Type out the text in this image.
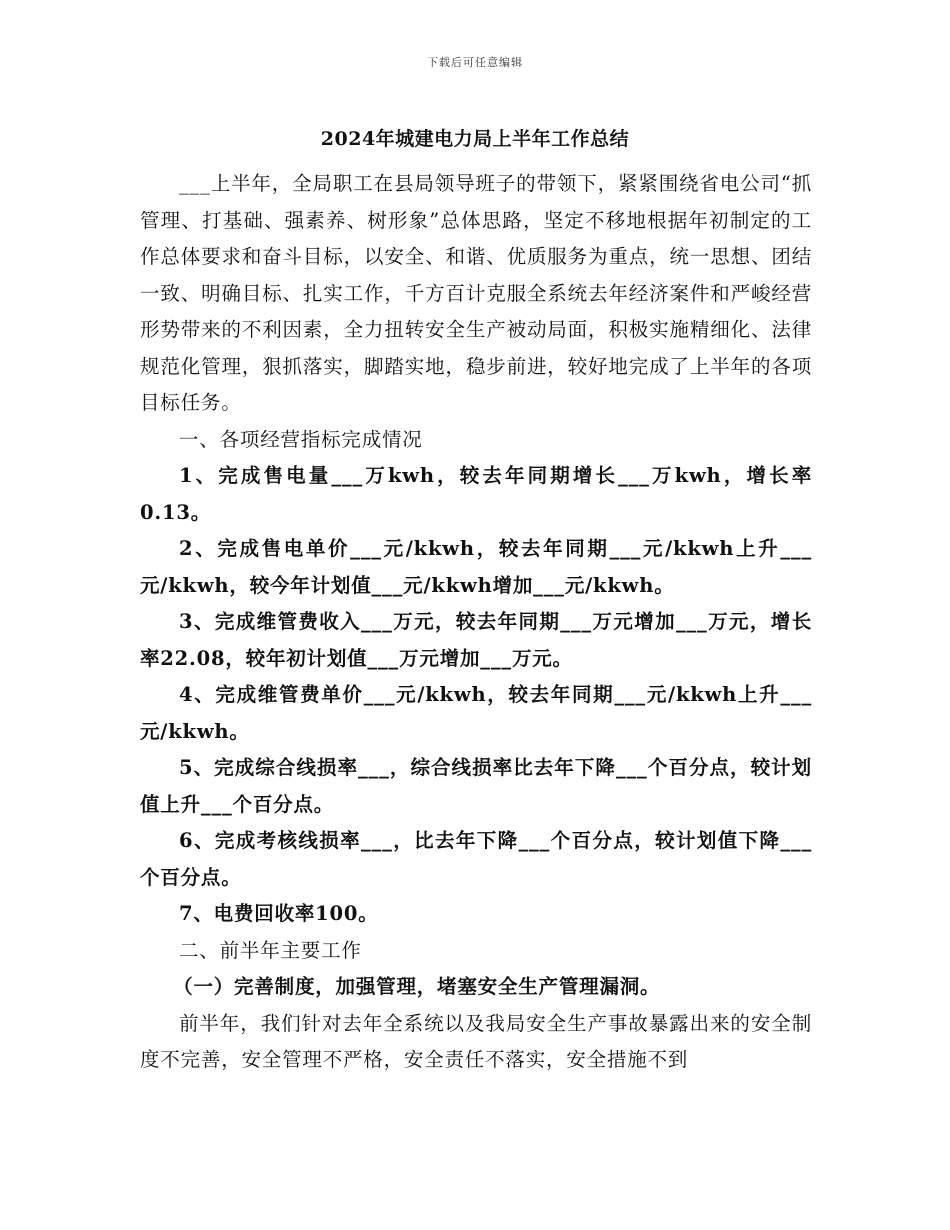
下载后可任意编辑
2024年城建电力局上半年工作总结

___上半年，全局职工在县局领导班子的带领下，紧紧围绕省电公司“抓管理、打基础、强素养、树形象”总体思路，坚定不移地根据年初制定的工作总体要求和奋斗目标，以安全、和谐、优质服务为重点，统一思想、团结一致、明确目标、扎实工作，千方百计克服全系统去年经济案件和严峻经营形势带来的不利因素，全力扭转安全生产被动局面，积极实施精细化、法律规范化管理，狠抓落实，脚踏实地，稳步前进，较好地完成了上半年的各项目标任务。

一、各项经营指标完成情况

1、完成售电量___万kwh，较去年同期增长___万kwh，增长率0.13。

2、完成售电单价___元/kkwh，较去年同期___元/kkwh上升___元/kkwh，较今年计划值___元/kkwh增加___元/kkwh。

3、完成维管费收入___万元，较去年同期___万元增加___万元，增长率22.08，较年初计划值___万元增加___万元。

4、完成维管费单价___元/kkwh，较去年同期___元/kkwh上升___元/kkwh。

5、完成综合线损率___，综合线损率比去年下降___个百分点，较计划值上升___个百分点。

6、完成考核线损率___，比去年下降___个百分点，较计划值下降___个百分点。

7、电费回收率100。

二、前半年主要工作

（一）完善制度，加强管理，堵塞安全生产管理漏洞。

前半年，我们针对去年全系统以及我局安全生产事故暴露出来的安全制度不完善，安全管理不严格，安全责任不落实，安全措施不到
